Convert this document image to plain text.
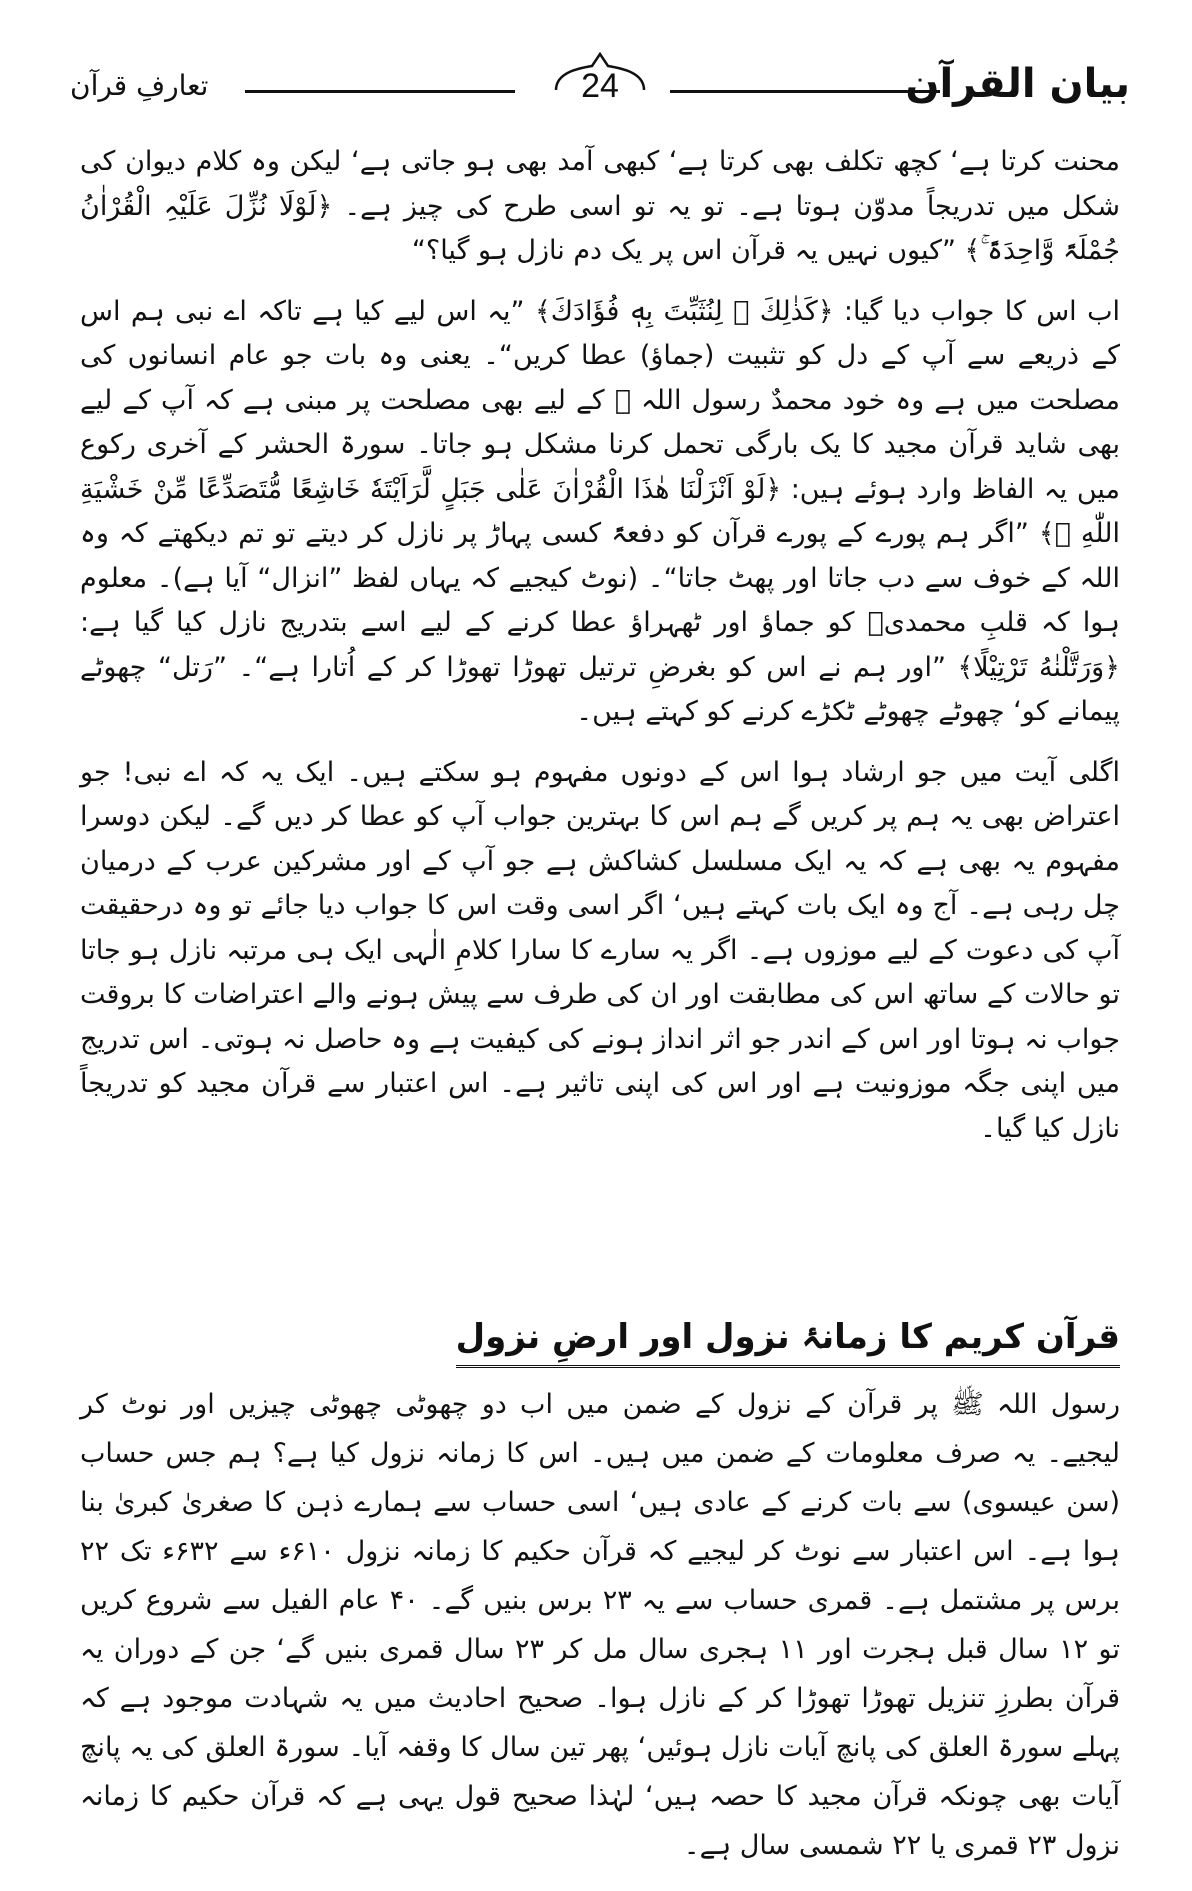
بیان القرآن
24
تعارفِ قرآن

محنت کرتا ہے‘ کچھ تکلف بھی کرتا ہے‘ کبھی آمد بھی ہو جاتی ہے‘ لیکن وہ کلام دیوان کی شکل میں تدریجاً مدوّن ہوتا ہے۔ تو یہ تو اسی طرح کی چیز ہے۔ ﴿لَوْلَا نُزِّلَ عَلَیْہِ الْقُرْاٰنُ جُمْلَۃً وَّاحِدَۃً ۚ﴾ ”کیوں نہیں یہ قرآن اس پر یک دم نازل ہو گیا؟“

اب اس کا جواب دیا گیا: ﴿كَذٰلِكَ ۚ لِنُثَبِّتَ بِهٖ فُؤَادَكَ﴾ ”یہ اس لیے کیا ہے تاکہ اے نبی ہم اس کے ذریعے سے آپ کے دل کو تثبیت (جماؤ) عطا کریں“۔ یعنی وہ بات جو عام انسانوں کی مصلحت میں ہے وہ خود محمدٌ رسول اللہ ﷺ کے لیے بھی مصلحت پر مبنی ہے کہ آپ کے لیے بھی شاید قرآن مجید کا یک بارگی تحمل کرنا مشکل ہو جاتا۔ سورۃ الحشر کے آخری رکوع میں یہ الفاظ وارد ہوئے ہیں: ﴿لَوْ اَنْزَلْنَا هٰذَا الْقُرْاٰنَ عَلٰى جَبَلٍ لَّرَاَيْتَهٗ خَاشِعًا مُّتَصَدِّعًا مِّنْ خَشْيَةِ اللّٰهِ ۭ﴾ ”اگر ہم پورے کے پورے قرآن کو دفعۃً کسی پہاڑ پر نازل کر دیتے تو تم دیکھتے کہ وہ اللہ کے خوف سے دب جاتا اور پھٹ جاتا“۔ (نوٹ کیجیے کہ یہاں لفظ ”انزال“ آیا ہے)۔ معلوم ہوا کہ قلبِ محمدیؐ کو جماؤ اور ٹھہراؤ عطا کرنے کے لیے اسے بتدریج نازل کیا گیا ہے: ﴿وَرَتَّلْنٰهُ تَرْتِيْلًا﴾ ”اور ہم نے اس کو بغرضِ ترتیل تھوڑا تھوڑا کر کے اُتارا ہے“۔ ”رَتل“ چھوٹے پیمانے کو‘ چھوٹے چھوٹے ٹکڑے کرنے کو کہتے ہیں۔

اگلی آیت میں جو ارشاد ہوا اس کے دونوں مفہوم ہو سکتے ہیں۔ ایک یہ کہ اے نبی! جو اعتراض بھی یہ ہم پر کریں گے ہم اس کا بہترین جواب آپ کو عطا کر دیں گے۔ لیکن دوسرا مفہوم یہ بھی ہے کہ یہ ایک مسلسل کشاکش ہے جو آپ کے اور مشرکین عرب کے درمیان چل رہی ہے۔ آج وہ ایک بات کہتے ہیں‘ اگر اسی وقت اس کا جواب دیا جائے تو وہ درحقیقت آپ کی دعوت کے لیے موزوں ہے۔ اگر یہ سارے کا سارا کلامِ الٰہی ایک ہی مرتبہ نازل ہو جاتا تو حالات کے ساتھ اس کی مطابقت اور ان کی طرف سے پیش ہونے والے اعتراضات کا بروقت جواب نہ ہوتا اور اس کے اندر جو اثر انداز ہونے کی کیفیت ہے وہ حاصل نہ ہوتی۔ اس تدریج میں اپنی جگہ موزونیت ہے اور اس کی اپنی تاثیر ہے۔ اس اعتبار سے قرآن مجید کو تدریجاً نازل کیا گیا۔

قرآن کریم کا زمانۂ نزول اور ارضِ نزول

رسول اللہ ﷺ پر قرآن کے نزول کے ضمن میں اب دو چھوٹی چھوٹی چیزیں اور نوٹ کر لیجیے۔ یہ صرف معلومات کے ضمن میں ہیں۔ اس کا زمانہ نزول کیا ہے؟ ہم جس حساب (سن عیسوی) سے بات کرنے کے عادی ہیں‘ اسی حساب سے ہمارے ذہن کا صغریٰ کبریٰ بنا ہوا ہے۔ اس اعتبار سے نوٹ کر لیجیے کہ قرآن حکیم کا زمانہ نزول ۶۱۰ء سے ۶۳۲ء تک ۲۲ برس پر مشتمل ہے۔ قمری حساب سے یہ ۲۳ برس بنیں گے۔ ۴۰ عام الفیل سے شروع کریں تو ۱۲ سال قبل ہجرت اور ۱۱ ہجری سال مل کر ۲۳ سال قمری بنیں گے‘ جن کے دوران یہ قرآن بطرزِ تنزیل تھوڑا تھوڑا کر کے نازل ہوا۔ صحیح احادیث میں یہ شہادت موجود ہے کہ پہلے سورۃ العلق کی پانچ آیات نازل ہوئیں‘ پھر تین سال کا وقفہ آیا۔ سورۃ العلق کی یہ پانچ آیات بھی چونکہ قرآن مجید کا حصہ ہیں‘ لہٰذا صحیح قول یہی ہے کہ قرآن حکیم کا زمانہ نزول ۲۳ قمری یا ۲۲ شمسی سال ہے۔
